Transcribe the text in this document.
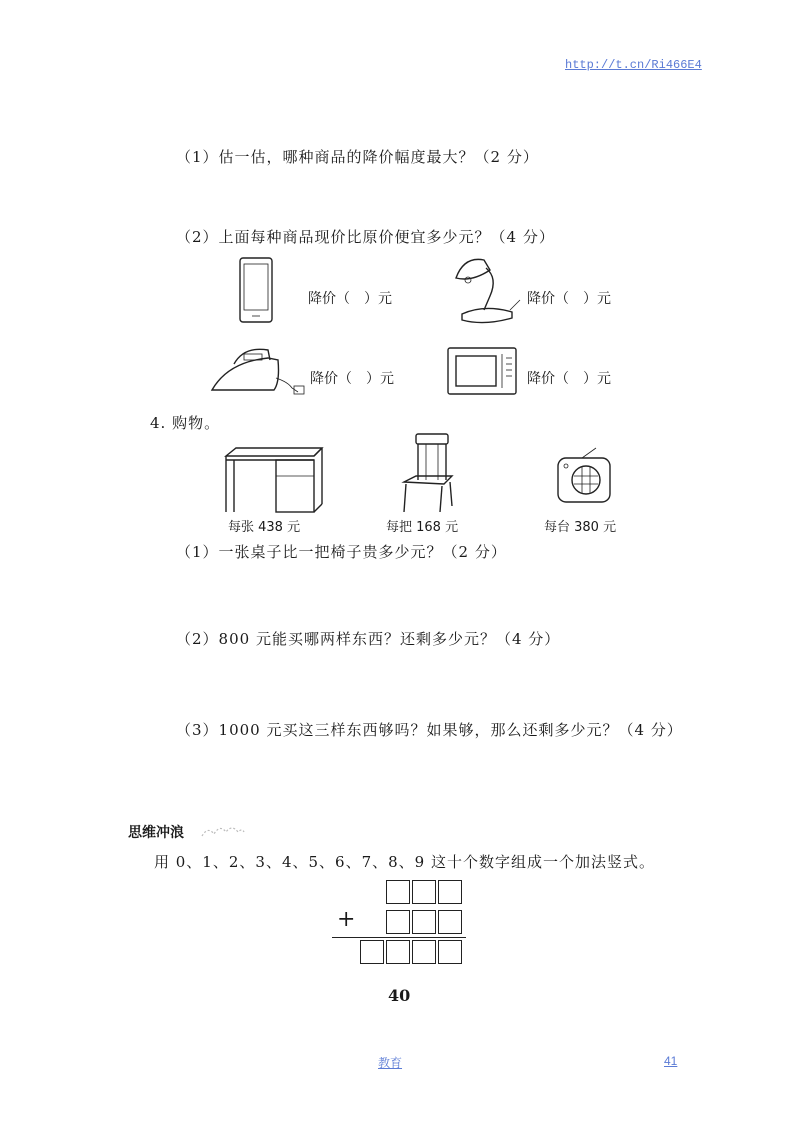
http://t.cn/Ri466E4
（1）估一估，哪种商品的降价幅度最大？（2 分）
（2）上面每种商品现价比原价便宜多少元？（4 分）
降价（　）元	降价（　）元
降价（　）元	降价（　）元
4. 购物。
每张 438 元	每把 168 元	每台 380 元
（1）一张桌子比一把椅子贵多少元？（2 分）
（2）800 元能买哪两样东西？还剩多少元？（4 分）
（3）1000 元买这三样东西够吗？如果够，那么还剩多少元？（4 分）
思维冲浪
用 0、1、2、3、4、5、6、7、8、9 这十个数字组成一个加法竖式。
+
40
教育	41
